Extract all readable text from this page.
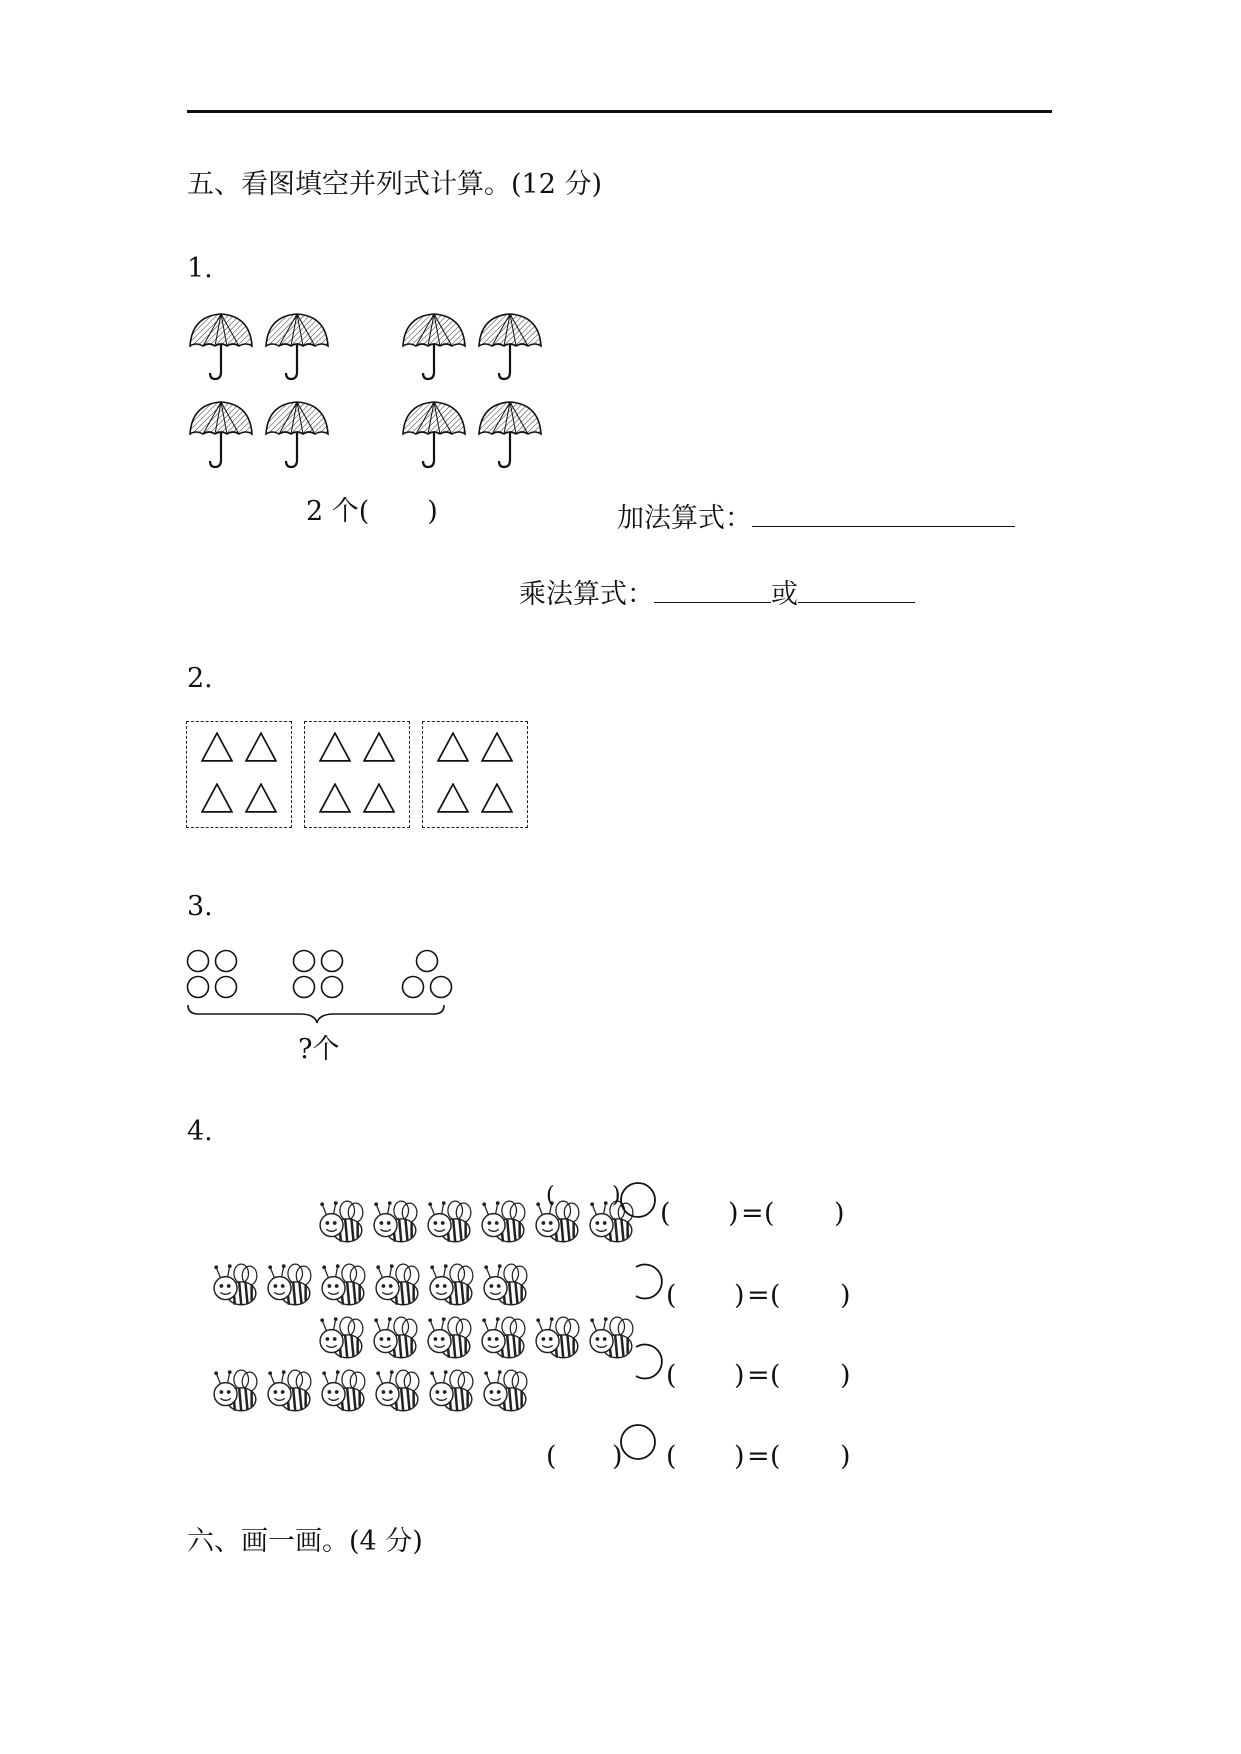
五、看图填空并列式计算。(12 分)
1.
2 个( )	加法算式：
乘法算式：	或
2.
3.
?个
4.
(	)
( ) = ( )
( ) = ( )
( ) = ( )
( ) ( ) = ( )
六、画一画。(4 分)
